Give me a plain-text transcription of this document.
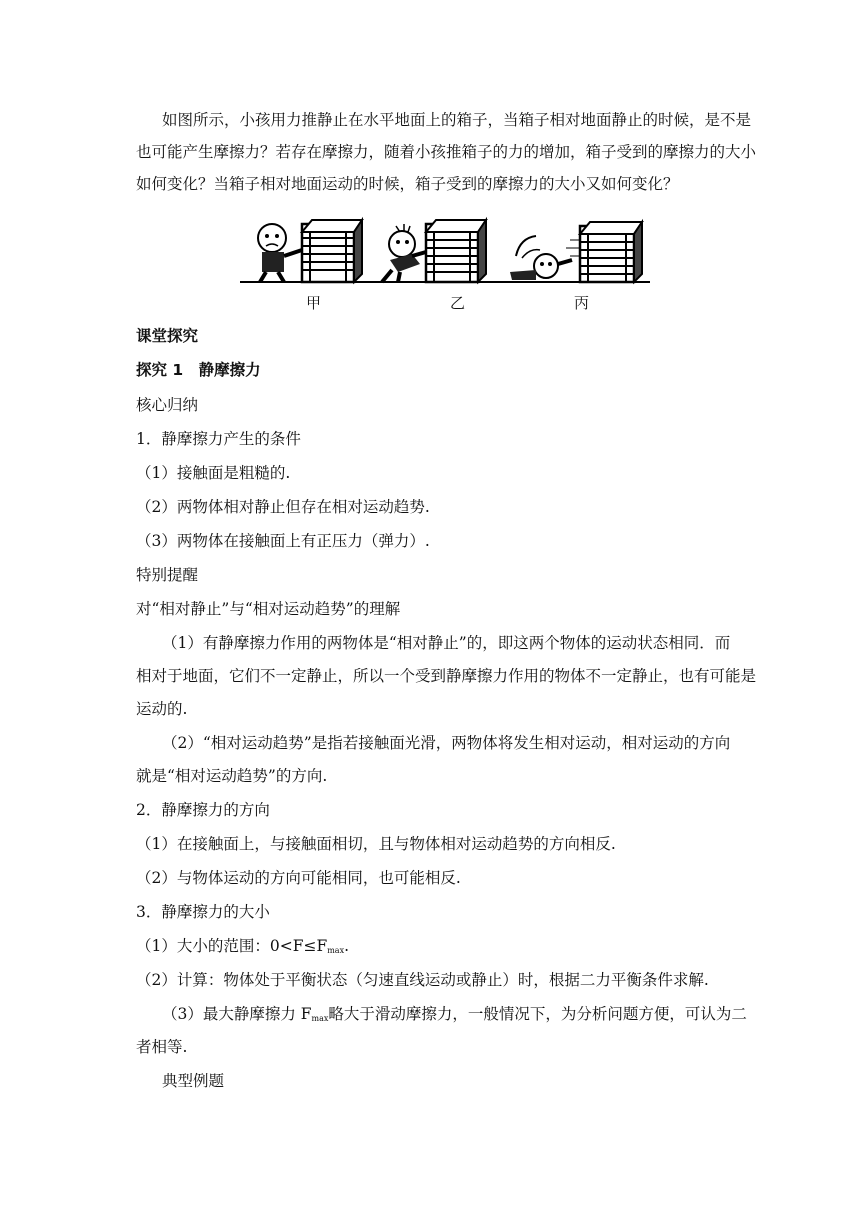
如图所示，小孩用力推静止在水平地面上的箱子，当箱子相对地面静止的时候，是不是
也可能产生摩擦力？若存在摩擦力，随着小孩推箱子的力的增加，箱子受到的摩擦力的大小
如何变化？当箱子相对地面运动的时候，箱子受到的摩擦力的大小又如何变化？
甲	乙	丙
课堂探究
探究 1　静摩擦力
核心归纳
1．静摩擦力产生的条件
（1）接触面是粗糙的.
（2）两物体相对静止但存在相对运动趋势.
（3）两物体在接触面上有正压力（弹力）.
特别提醒
对“相对静止”与“相对运动趋势”的理解
（1）有静摩擦力作用的两物体是“相对静止”的，即这两个物体的运动状态相同．而
相对于地面，它们不一定静止，所以一个受到静摩擦力作用的物体不一定静止，也有可能是
运动的.
（2）“相对运动趋势”是指若接触面光滑，两物体将发生相对运动，相对运动的方向
就是“相对运动趋势”的方向.
2．静摩擦力的方向
（1）在接触面上，与接触面相切，且与物体相对运动趋势的方向相反.
（2）与物体运动的方向可能相同，也可能相反.
3．静摩擦力的大小
（1）大小的范围：$0<F\le F_{max}$.
（2）计算：物体处于平衡状态（匀速直线运动或静止）时，根据二力平衡条件求解.
（3）最大静摩擦力 $F_{max}$略大于滑动摩擦力，一般情况下，为分析问题方便，可认为二
者相等.
典型例题
